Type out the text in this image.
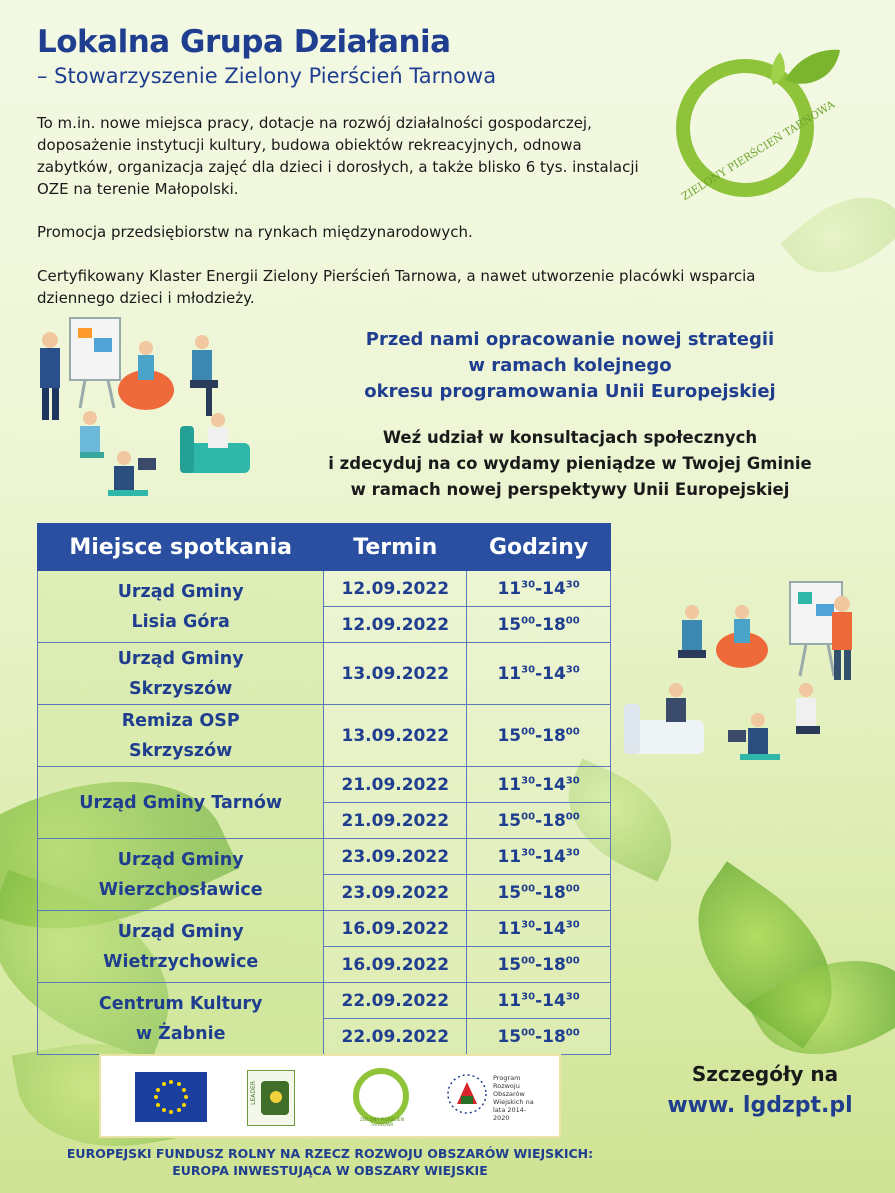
Lokalna Grupa Działania
– Stowarzyszenie Zielony Pierścień Tarnowa
ZIELONY PIERŚCIEŃ TARNOWA
To m.in. nowe miejsca pracy, dotacje na rozwój działalności gospodarczej, doposażenie instytucji kultury, budowa obiektów rekreacyjnych, odnowa zabytków, organizacja zajęć dla dzieci i dorosłych, a także blisko 6 tys. instalacji OZE na terenie Małopolski.
Promocja przedsiębiorstw na rynkach międzynarodowych.
Certyfikowany Klaster Energii Zielony Pierścień Tarnowa, a nawet utworzenie placówki wsparcia dziennego dzieci i młodzieży.
Przed nami opracowanie nowej strategii
w ramach kolejnego
okresu programowania Unii Europejskiej
Weź udział w konsultacjach społecznych
i zdecyduj na co wydamy pieniądze w Twojej Gminie
w ramach nowej perspektywy Unii Europejskiej
Miejsce spotkania	Termin	Godziny

Urząd Gminy
Lisia Góra	12.09.2022	$11^{30}-14^{30}$
	12.09.2022	$15^{00}-18^{00}$

Urząd Gminy
Skrzyszów	13.09.2022	$11^{30}-14^{30}$

Remiza OSP
Skrzyszów	13.09.2022	$15^{00}-18^{00}$

Urząd Gminy Tarnów	21.09.2022	$11^{30}-14^{30}$
	21.09.2022	$15^{00}-18^{00}$

Urząd Gminy
Wierzchosławice	23.09.2022	$11^{30}-14^{30}$
	23.09.2022	$15^{00}-18^{00}$

Urząd Gminy
Wietrzychowice	16.09.2022	$11^{30}-14^{30}$
	16.09.2022	$15^{00}-18^{00}$

Centrum Kultury
w Żabnie	22.09.2022	$11^{30}-14^{30}$
	22.09.2022	$15^{00}-18^{00}$
LEADER
ZIELONY PIERŚCIEŃ TARNOWA
Program Rozwoju Obszarów Wiejskich na lata 2014-2020
Szczegóły na
www. lgdzpt.pl
EUROPEJSKI FUNDUSZ ROLNY NA RZECZ ROZWOJU OBSZARÓW WIEJSKICH:
EUROPA INWESTUJĄCA W OBSZARY WIEJSKIE
